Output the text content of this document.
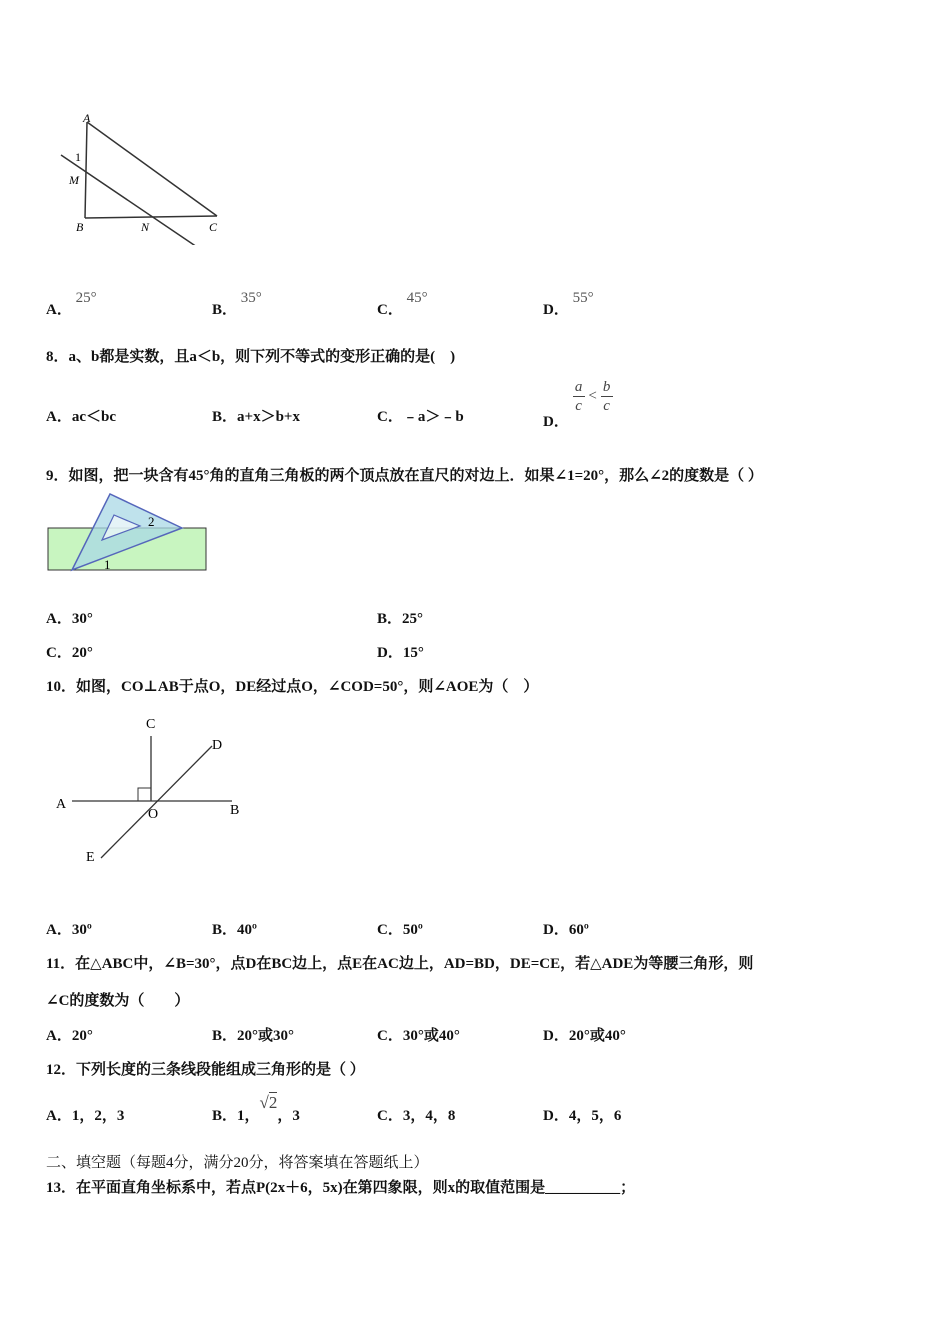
A
1
M
B	N	C
A． 25°
B． 35°
C． 45°
D． 55°
8．a、b都是实数，且a＜b，则下列不等式的变形正确的是(　)
A．ac＜bc	B．a+x＞b+x	C．﹣a＞﹣b	D．
$\frac{a}{c} < \frac{b}{c}$
9．如图，把一块含有45°角的直角三角板的两个顶点放在直尺的对边上．如果∠1=20°，那么∠2的度数是（ ）
2
1
A．30°	B．25°
C．20°	D．15°
10．如图，CO⊥AB于点O，DE经过点O，∠COD=50°，则∠AOE为（　）
C
D
A
O	B
E
A．30º	B．40º	C．50º	D．60º
11．在△ABC中，∠B=30°，点D在BC边上，点E在AC边上，AD=BD，DE=CE，若△ADE为等腰三角形，则
∠C的度数为（　　）
A．20°	B．20°或30°	C．30°或40°	D．20°或40°
12．下列长度的三条线段能组成三角形的是（ ）
A．1，2，3	B．1，√2，3	C．3，4，8	D．4，5，6
二、填空题（每题4分，满分20分，将答案填在答题纸上）
13．在平面直角坐标系中，若点P(2x＋6，5x)在第四象限，则x的取值范围是__________；
